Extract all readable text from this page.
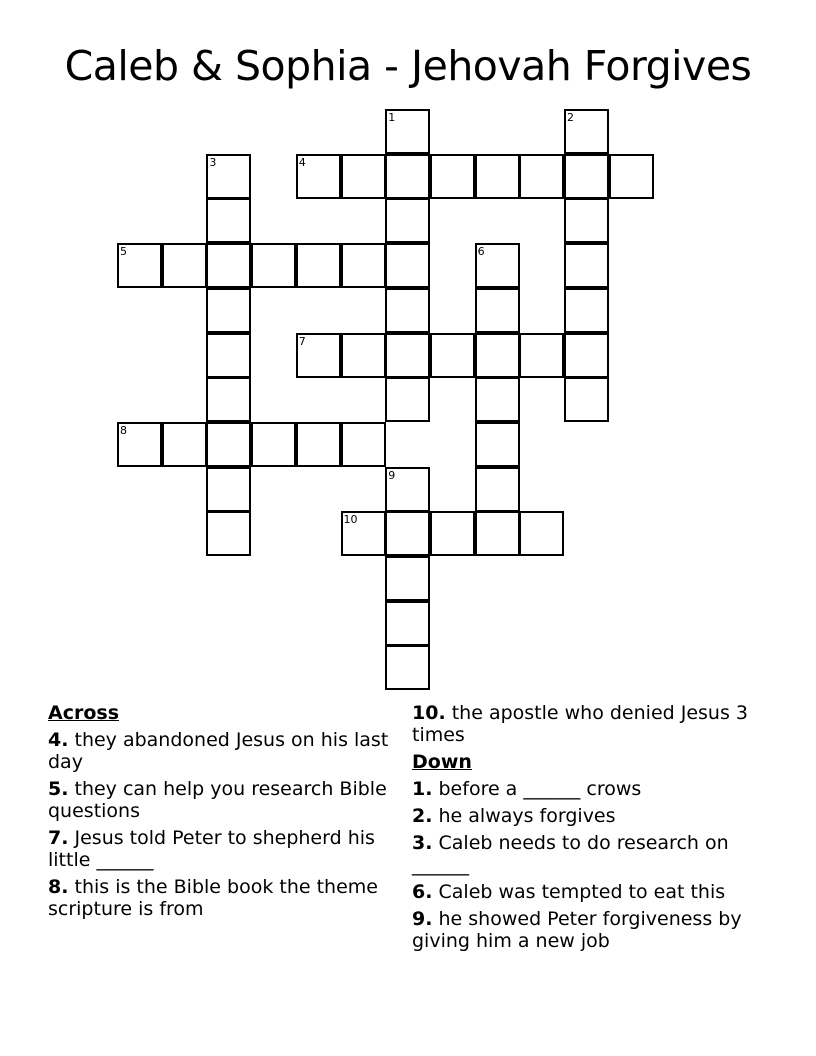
Caleb & Sophia - Jehovah Forgives
1	2
3	4
5	6
7
8
9
10
Across
4. they abandoned Jesus on his last day
5. they can help you research Bible questions
7. Jesus told Peter to shepherd his little ______
8. this is the Bible book the theme scripture is from
10. the apostle who denied Jesus 3 times
Down
1. before a ______ crows
2. he always forgives
3. Caleb needs to do research on ______
6. Caleb was tempted to eat this
9. he showed Peter forgiveness by giving him a new job
